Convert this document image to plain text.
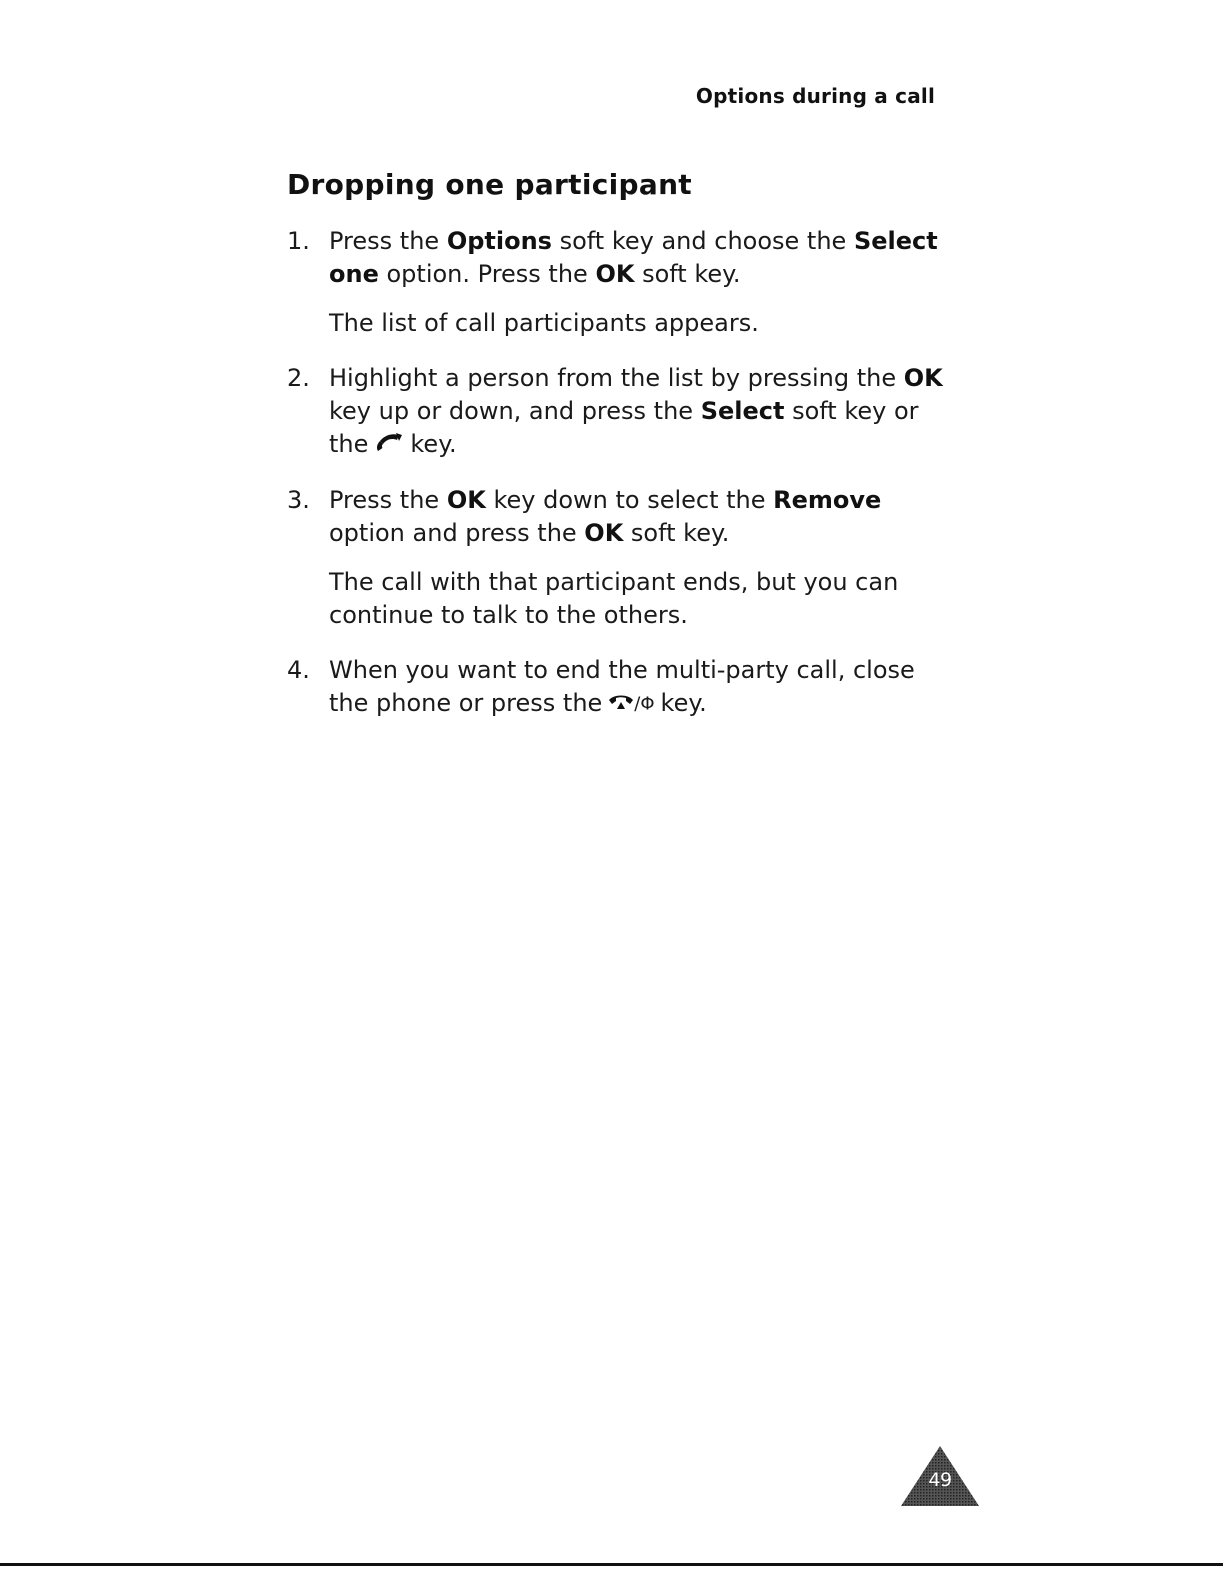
Options during a call
Dropping one participant
1. Press the Options soft key and choose the Select one option. Press the OK soft key.

The list of call participants appears.

2. Highlight a person from the list by pressing the OK key up or down, and press the Select soft key or the key.

3. Press the OK key down to select the Remove option and press the OK soft key.

The call with that participant ends, but you can continue to talk to the others.

4. When you want to end the multi-party call, close the phone or press the /Φ key.

49
